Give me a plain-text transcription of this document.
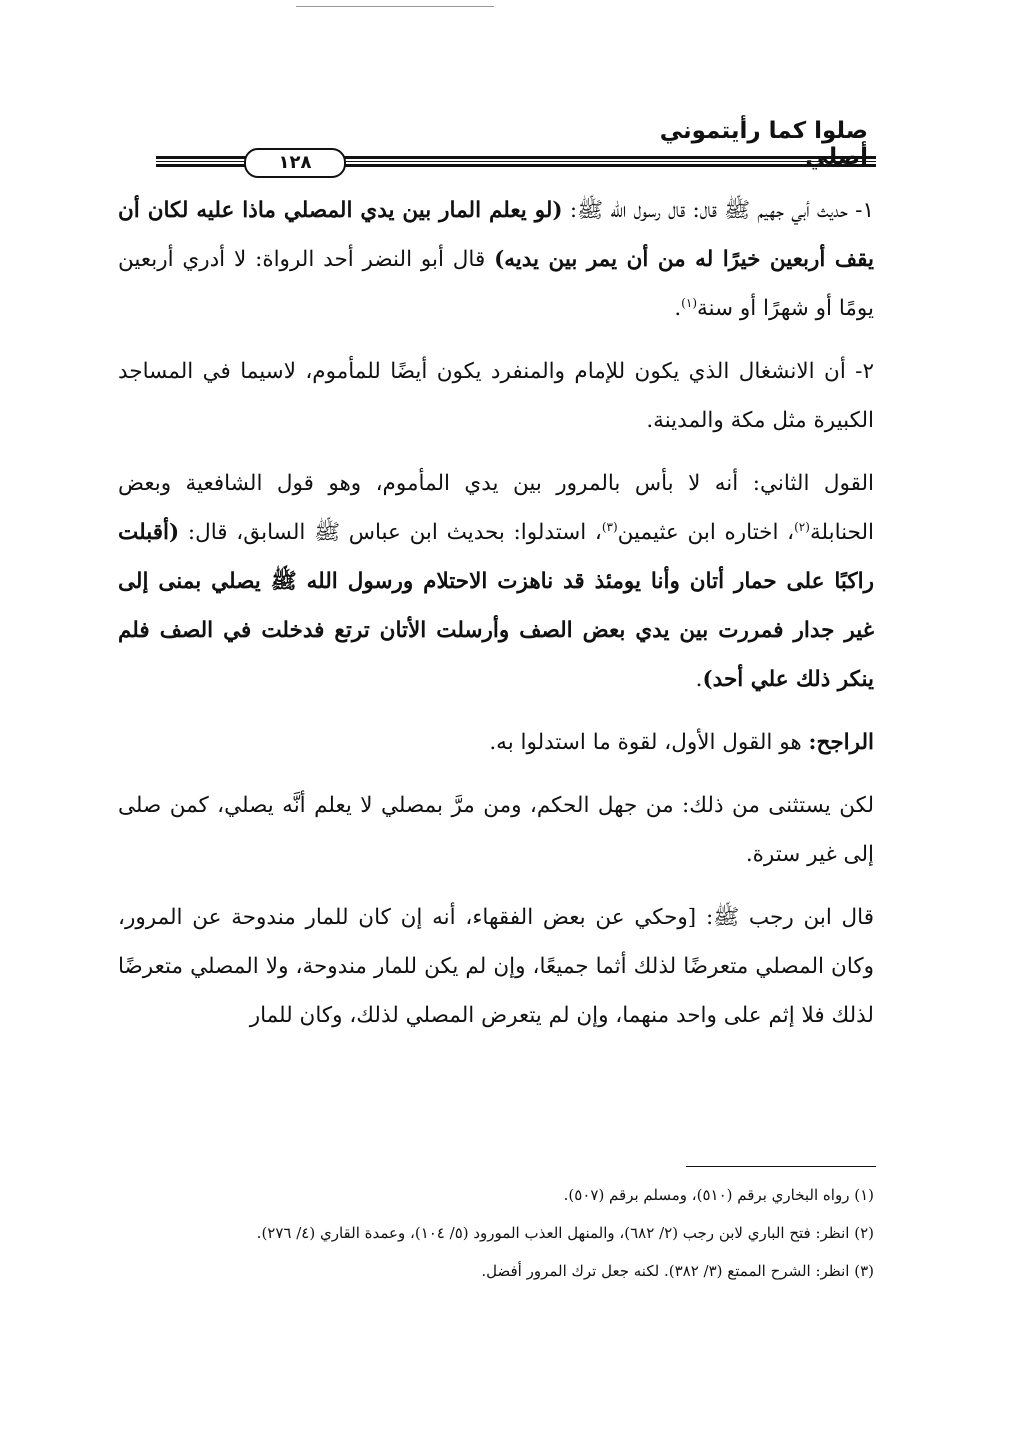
صلوا كما رأيتموني
١٢٨

١- حديث أبي جهيم ﷺ قال: قال رسول الله ﷺ: (لو يعلم المار بين يدي المصلي ماذا عليه لكان أن يقف أربعين خيرًا له من أن يمر بين يديه) قال أبو النضر أحد الرواة: لا أدري أربعين يومًا أو شهرًا أو سنة$^{(١)}$.

٢- أن الانشغال الذي يكون للإمام والمنفرد يكون أيضًا للمأموم، لاسيما في المساجد الكبيرة مثل مكة والمدينة.

القول الثاني: أنه لا بأس بالمرور بين يدي المأموم، وهو قول الشافعية وبعض الحنابلة$^{(٢)}$، اختاره ابن عثيمين$^{(٣)}$، استدلوا: بحديث ابن عباس ﷺ السابق، قال: (أقبلت راكبًا على حمار أتان وأنا يومئذ قد ناهزت الاحتلام ورسول الله ﷺ يصلي بمنى إلى غير جدار فمررت بين يدي بعض الصف وأرسلت الأتان ترتع فدخلت في الصف فلم ينكر ذلك علي أحد).

الراجح: هو القول الأول، لقوة ما استدلوا به.

لكن يستثنى من ذلك: من جهل الحكم، ومن مرَّ بمصلي لا يعلم أنَّه يصلي، كمن صلى إلى غير سترة.

قال ابن رجب ﷺ: [وحكي عن بعض الفقهاء، أنه إن كان للمار مندوحة عن المرور، وكان المصلي متعرضًا لذلك أثما جميعًا، وإن لم يكن للمار مندوحة، ولا المصلي متعرضًا لذلك فلا إثم على واحد منهما، وإن لم يتعرض المصلي لذلك، وكان للمار

(١) رواه البخاري برقم (٥١٠)، ومسلم برقم (٥٠٧).
(٢) انظر: فتح الباري لابن رجب (٢/ ٦٨٢)، والمنهل العذب المورود (٥/ ١٠٤)، وعمدة القاري (٤/ ٢٧٦).
(٣) انظر: الشرح الممتع (٣/ ٣٨٢). لكنه جعل ترك المرور أفضل.
